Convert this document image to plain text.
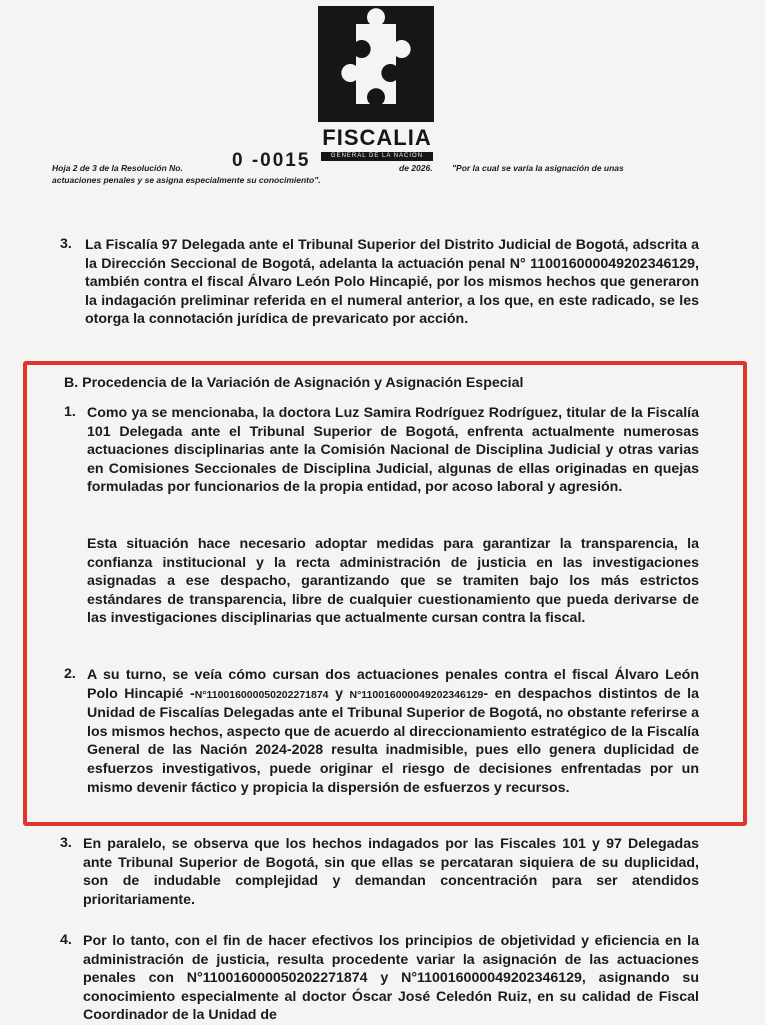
FISCALIA
GENERAL DE LA NACIÓN
Hoja 2 de 3 de la Resolución No.	0 -0015	de 2026. "Por la cual se varía la asignación de unas
actuaciones penales y se asigna especialmente su conocimiento".
3. La Fiscalía 97 Delegada ante el Tribunal Superior del Distrito Judicial de Bogotá, adscrita a la Dirección Seccional de Bogotá, adelanta la actuación penal N° 110016000049202346129, también contra el fiscal Álvaro León Polo Hincapié, por los mismos hechos que generaron la indagación preliminar referida en el numeral anterior, a los que, en este radicado, se les otorga la connotación jurídica de prevaricato por acción.
B. Procedencia de la Variación de Asignación y Asignación Especial
1. Como ya se mencionaba, la doctora Luz Samira Rodríguez Rodríguez, titular de la Fiscalía 101 Delegada ante el Tribunal Superior de Bogotá, enfrenta actualmente numerosas actuaciones disciplinarias ante la Comisión Nacional de Disciplina Judicial y otras varias en Comisiones Seccionales de Disciplina Judicial, algunas de ellas originadas en quejas formuladas por funcionarios de la propia entidad, por acoso laboral y agresión.
Esta situación hace necesario adoptar medidas para garantizar la transparencia, la confianza institucional y la recta administración de justicia en las investigaciones asignadas a ese despacho, garantizando que se tramiten bajo los más estrictos estándares de transparencia, libre de cualquier cuestionamiento que pueda derivarse de las investigaciones disciplinarias que actualmente cursan contra la fiscal.
2. A su turno, se veía cómo cursan dos actuaciones penales contra el fiscal Álvaro León Polo Hincapié -N°110016000050202271874 y N°110016000049202346129- en despachos distintos de la Unidad de Fiscalías Delegadas ante el Tribunal Superior de Bogotá, no obstante referirse a los mismos hechos, aspecto que de acuerdo al direccionamiento estratégico de la Fiscalía General de las Nación 2024-2028 resulta inadmisible, pues ello genera duplicidad de esfuerzos investigativos, puede originar el riesgo de decisiones enfrentadas por un mismo devenir fáctico y propicia la dispersión de esfuerzos y recursos.
3. En paralelo, se observa que los hechos indagados por las Fiscales 101 y 97 Delegadas ante Tribunal Superior de Bogotá, sin que ellas se percataran siquiera de su duplicidad, son de indudable complejidad y demandan concentración para ser atendidos prioritariamente.
4. Por lo tanto, con el fin de hacer efectivos los principios de objetividad y eficiencia en la administración de justicia, resulta procedente variar la asignación de las actuaciones penales con N°110016000050202271874 y N°110016000049202346129, asignando su conocimiento especialmente al doctor Óscar José Celedón Ruiz, en su calidad de Fiscal Coordinador de la Unidad de
